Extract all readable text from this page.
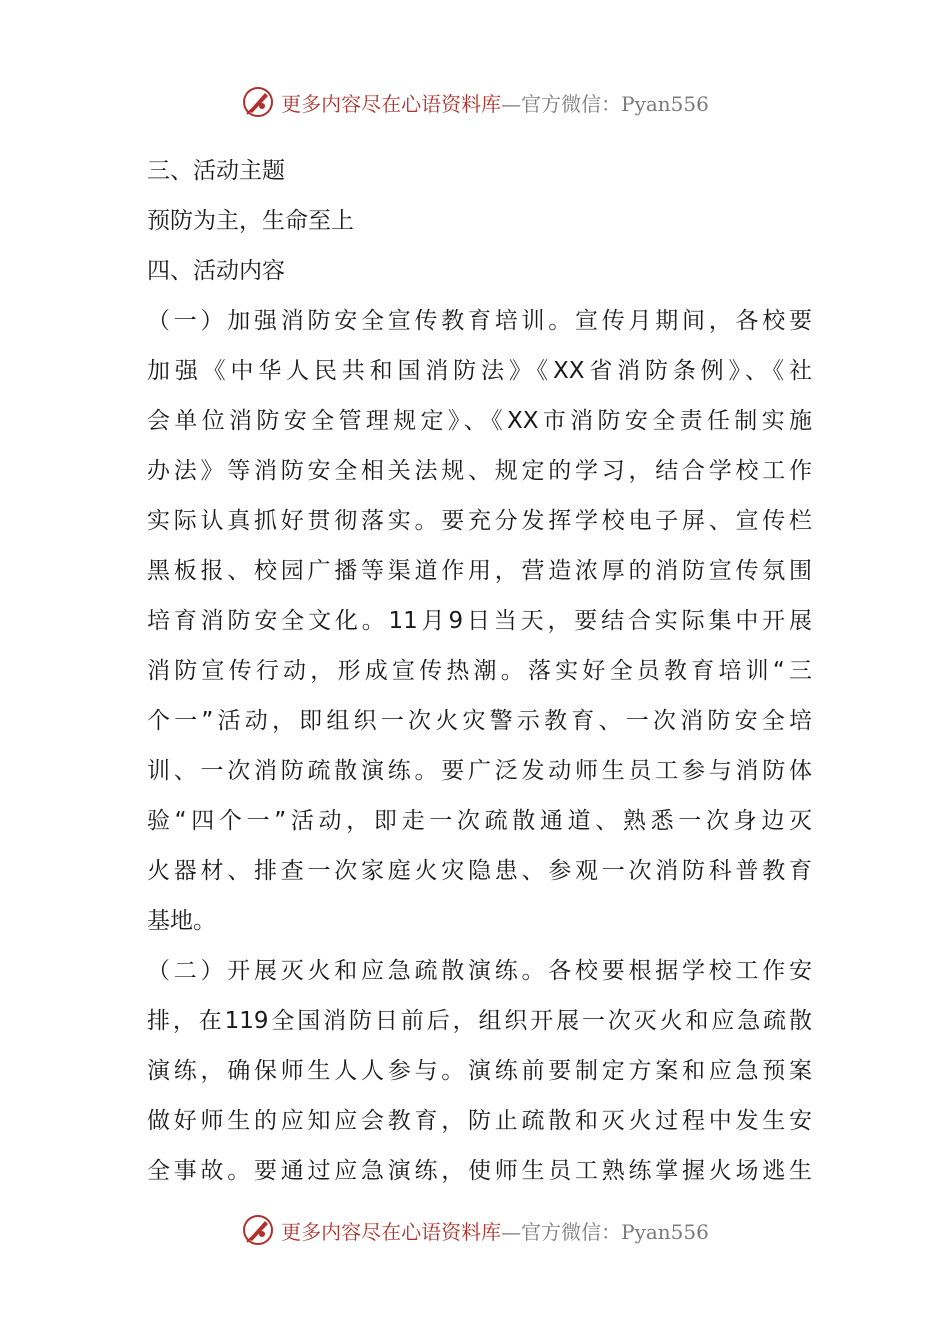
更多内容尽在心语资料库—官方微信：Pyan556
三、活动主题
预防为主，生命至上
四、活动内容
（一）加强消防安全宣传教育培训。宣传月期间，各校要
加强《中华人民共和国消防法》《XX省消防条例》、《社
会单位消防安全管理规定》、《XX市消防安全责任制实施
办法》等消防安全相关法规、规定的学习，结合学校工作
实际认真抓好贯彻落实。要充分发挥学校电子屏、宣传栏
黑板报、校园广播等渠道作用，营造浓厚的消防宣传氛围
培育消防安全文化。11月9日当天，要结合实际集中开展
消防宣传行动，形成宣传热潮。落实好全员教育培训“三
个一”活动，即组织一次火灾警示教育、一次消防安全培
训、一次消防疏散演练。要广泛发动师生员工参与消防体
验“四个一”活动，即走一次疏散通道、熟悉一次身边灭
火器材、排查一次家庭火灾隐患、参观一次消防科普教育
基地。
（二）开展灭火和应急疏散演练。各校要根据学校工作安
排，在119全国消防日前后，组织开展一次灭火和应急疏散
演练，确保师生人人参与。演练前要制定方案和应急预案
做好师生的应知应会教育，防止疏散和灭火过程中发生安
全事故。要通过应急演练，使师生员工熟练掌握火场逃生
更多内容尽在心语资料库—官方微信：Pyan556
